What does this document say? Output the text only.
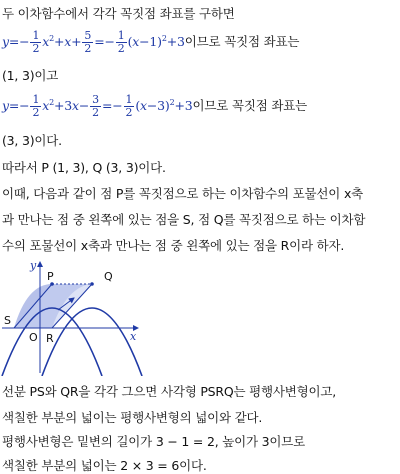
두 이차함수에서 각각 꼭짓점 좌표를 구하면
$y=- \frac{1}{2} x^2+x+ \frac{5}{2} =- \frac{1}{2} (x-1)^2+3$이므로 꼭짓점 좌표는
(1, 3)이고
$y=- \frac{1}{2} x^2+3x- \frac{3}{2} =- \frac{1}{2} (x-3)^2+3$이므로 꼭짓점 좌표는
(3, 3)이다.
따라서 P (1, 3), Q (3, 3)이다.
이때, 다음과 같이 점 P를 꼭짓점으로 하는 이차함수의 포물선이 x축
과 만나는 점 중 왼쪽에 있는 점을 S, 점 Q를 꼭짓점으로 하는 이차함
수의 포물선이 x축과 만나는 점 중 왼쪽에 있는 점을 R이라 하자.
y
x
O
P	Q
S
R
선분 PS와 QR을 각각 그으면 사각형 PSRQ는 평행사변형이고,
색칠한 부분의 넓이는 평행사변형의 넓이와 같다.
평행사변형은 밑변의 길이가 3 − 1 = 2, 높이가 3이므로
색칠한 부분의 넓이는 2 × 3 = 6이다.
